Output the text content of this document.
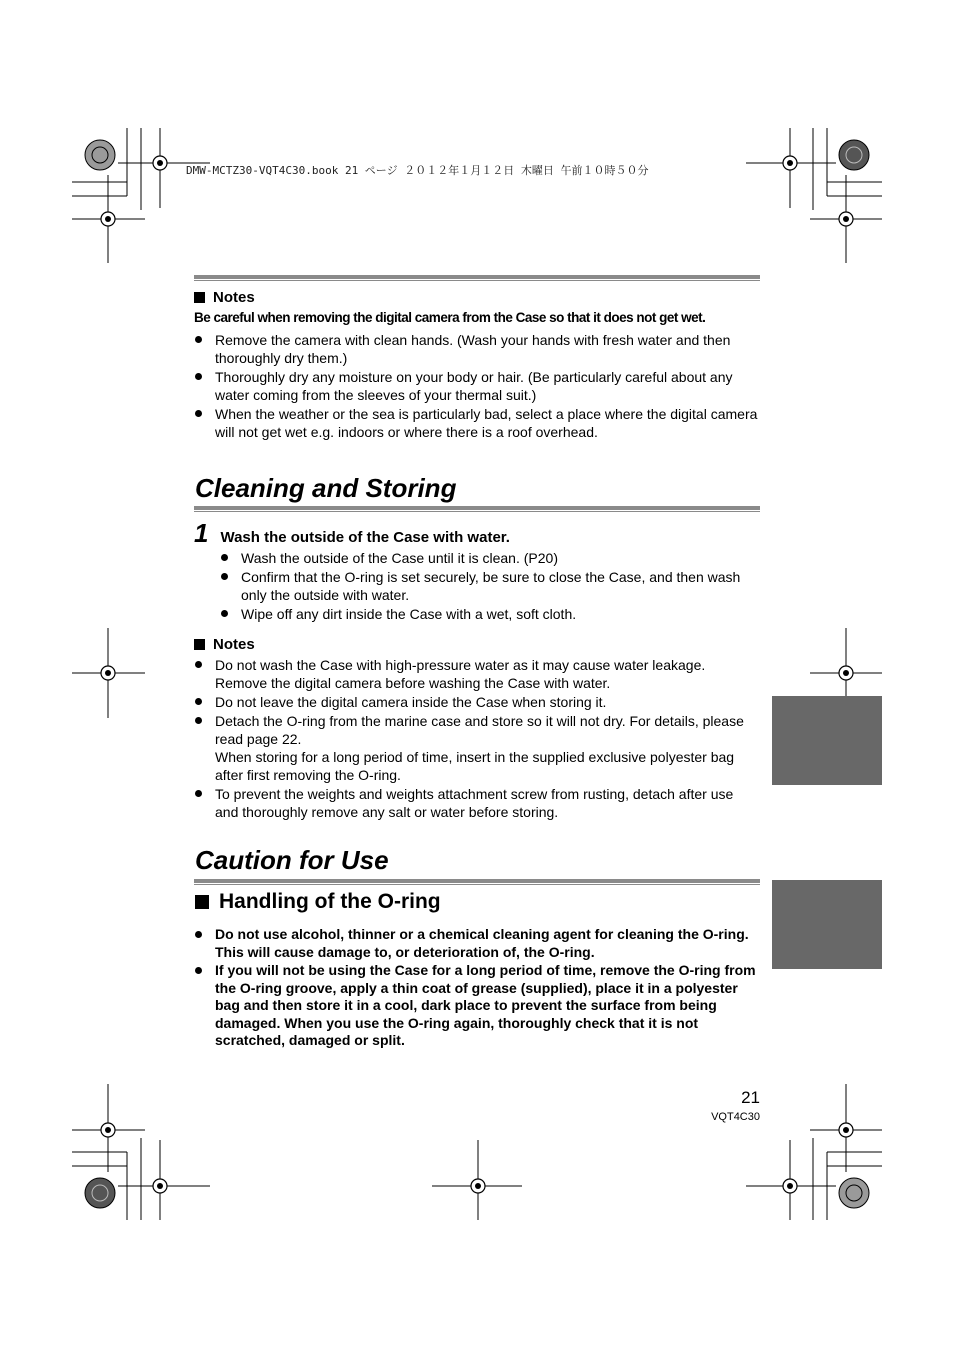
DMW-MCTZ30-VQT4C30.book 21 ページ ２０１２年１月１２日 木曜日 午前１０時５０分
Notes
Be careful when removing the digital camera from the Case so that it does not get wet.

Remove the camera with clean hands. (Wash your hands with fresh water and then thoroughly dry them.)

Thoroughly dry any moisture on your body or hair. (Be particularly careful about any water coming from the sleeves of your thermal suit.)

When the weather or the sea is particularly bad, select a place where the digital camera will not get wet e.g. indoors or where there is a roof overhead.

Cleaning and Storing
1 Wash the outside of the Case with water.

Wash the outside of the Case until it is clean. (P20)

Confirm that the O-ring is set securely, be sure to close the Case, and then wash only the outside with water.

Wipe off any dirt inside the Case with a wet, soft cloth.

Notes

Do not wash the Case with high-pressure water as it may cause water leakage.

Remove the digital camera before washing the Case with water.

Do not leave the digital camera inside the Case when storing it.

Detach the O-ring from the marine case and store so it will not dry. For details, please read page 22.

When storing for a long period of time, insert in the supplied exclusive polyester bag after first removing the O-ring.

To prevent the weights and weights attachment screw from rusting, detach after use and thoroughly remove any salt or water before storing.

Caution for Use
Handling of the O-ring

Do not use alcohol, thinner or a chemical cleaning agent for cleaning the O-ring. This will cause damage to, or deterioration of, the O-ring.

If you will not be using the Case for a long period of time, remove the O-ring from the O-ring groove, apply a thin coat of grease (supplied), place it in a polyester bag and then store it in a cool, dark place to prevent the surface from being damaged. When you use the O-ring again, thoroughly check that it is not scratched, damaged or split.

21
VQT4C30
